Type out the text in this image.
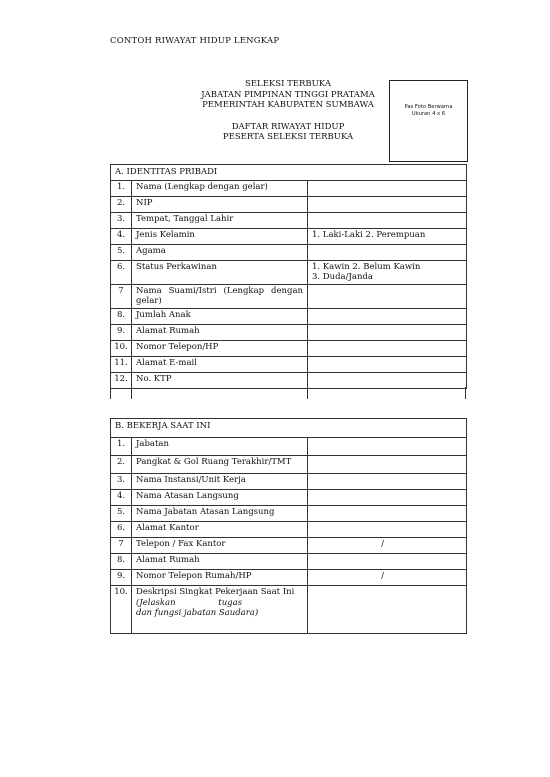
CONTOH RIWAYAT HIDUP LENGKAP
SELEKSI TERBUKA
JABATAN PIMPINAN TINGGI PRATAMA
PEMERINTAH KABUPATEN SUMBAWA
DAFTAR RIWAYAT HIDUP
PESERTA SELEKSI TERBUKA
Pas Foto Berwarna
Ukuran 4 x 6
A. IDENTITAS PRIBADI		
1.	Nama (Lengkap dengan gelar)	
2.	NIP	
3.	Tempat, Tanggal Lahir	
4.	Jenis Kelamin	1. Laki-Laki 2. Perempuan
5.	Agama	
6.	Status Perkawinan	1. Kawin 2. Belum Kawin
3. Duda/Janda

7	Nama Suami/Istri (Lengkap dengan gelar)	
8.	Jumlah Anak	
9.	Alamat Rumah	
10.	Nomor Telepon/HP	
11.	Alamat E-mail	
12.	No. KTP	
B. BEKERJA SAAT INI		
1.	Jabatan	
2.	Pangkat & Gol Ruang Terakhir/TMT	
3.	Nama Instansi/Unit Kerja	
4.	Nama Atasan Langsung	
5.	Nama Jabatan Atasan Langsung	
6.	Alamat Kantor	
7	Telepon / Fax Kantor	/

8.	Alamat Rumah	
9.	Nomor Telepon Rumah/HP	/

10.	Deskripsi Singkat Pekerjaan Saat Ini
(Jelaskan tugas
dan fungsi jabatan Saudara)	
